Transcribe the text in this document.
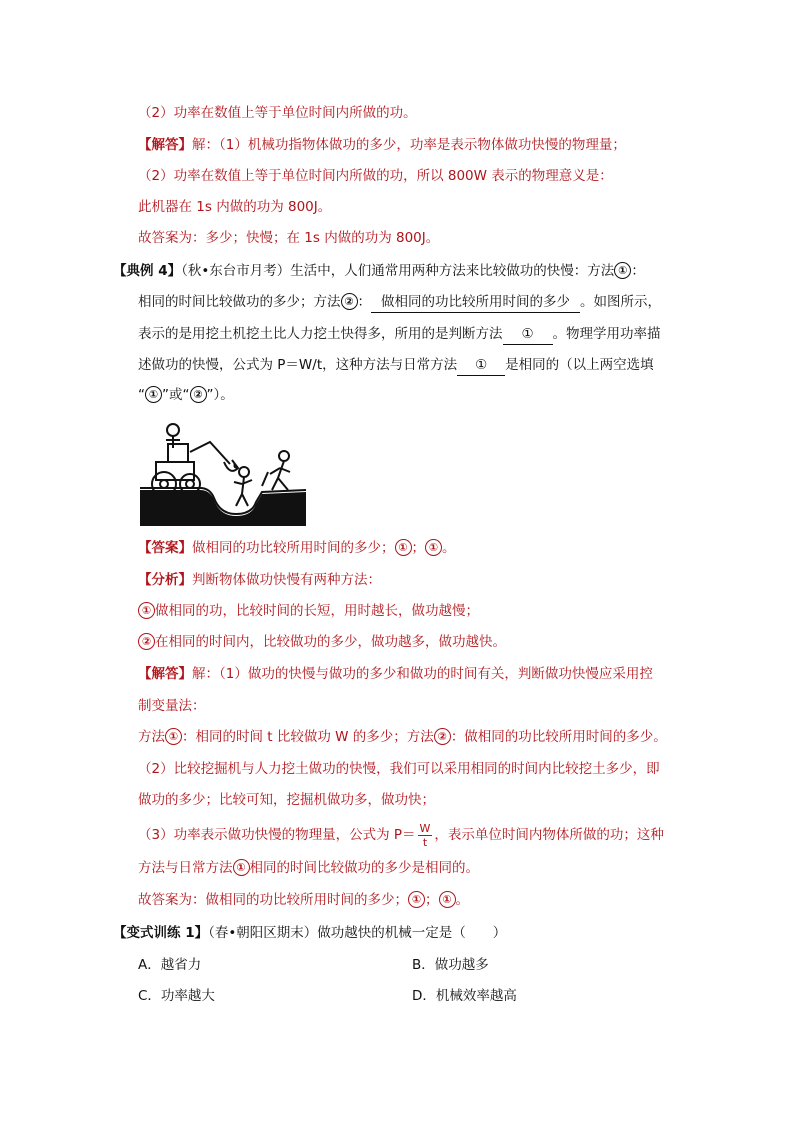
（2）功率在数值上等于单位时间内所做的功。
【解答】解：（1）机械功指物体做功的多少，功率是表示物体做功快慢的物理量；
（2）功率在数值上等于单位时间内所做的功，所以 800W 表示的物理意义是：
此机器在 1s 内做的功为 800J。
故答案为：多少；快慢；在 1s 内做的功为 800J。
【典例 4】（秋•东台市月考）生活中，人们通常用两种方法来比较做功的快慢：方法 ① ：
相同的时间比较做功的多少；方法 ② ： 做相同的功比较所用时间的多少 。如图所示，
表示的是用挖土机挖土比人力挖土快得多，所用的是判断方法 ① 。物理学用功率描
述做功的快慢，公式为 P＝W/t，这种方法与日常方法 ① 是相同的（以上两空选填
“ ① ”或“ ② ”）。
【答案】做相同的功比较所用时间的多少； ① ； ① 。
【分析】判断物体做功快慢有两种方法：
① 做相同的功，比较时间的长短，用时越长，做功越慢；
② 在相同的时间内，比较做功的多少，做功越多，做功越快。
【解答】解：（1）做功的快慢与做功的多少和做功的时间有关，判断做功快慢应采用控
制变量法：
方法 ① ：相同的时间 t 比较做功 W 的多少；方法 ② ：做相同的功比较所用时间的多少。
（2）比较挖掘机与人力挖土做功的快慢，我们可以采用相同的时间内比较挖土多少，即
做功的多少；比较可知，挖掘机做功多，做功快；
（3）功率表示做功快慢的物理量，公式为 $P= \frac{W}{t}$ ，表示单位时间内物体所做的功；这种
方法与日常方法 ① 相同的时间比较做功的多少是相同的。
故答案为：做相同的功比较所用时间的多少； ① ； ① 。
【变式训练 1】（春•朝阳区期末）做功越快的机械一定是（　　）
A．越省力	B．做功越多
C．功率越大	D．机械效率越高
